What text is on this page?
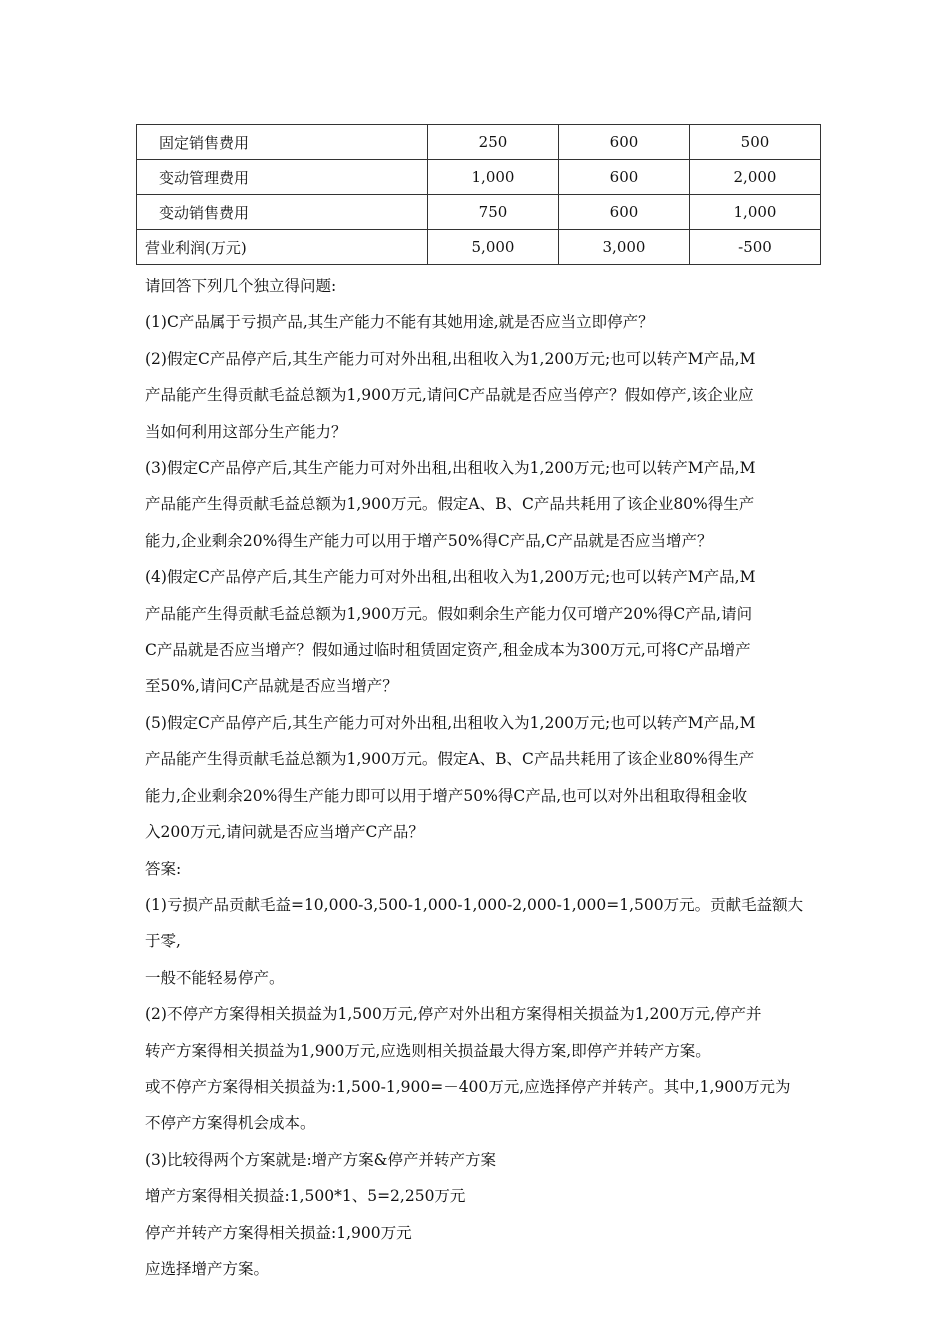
固定销售费用	250	600	500
变动管理费用	1,000	600	2,000
变动销售费用	750	600	1,000
营业利润(万元)	5,000	3,000	-500

请回答下列几个独立得问题:

(1)C产品属于亏损产品,其生产能力不能有其她用途,就是否应当立即停产？

(2)假定C产品停产后,其生产能力可对外出租,出租收入为1,200万元;也可以转产M产品,M

产品能产生得贡献毛益总额为1,900万元,请问C产品就是否应当停产？假如停产,该企业应

当如何利用这部分生产能力？

(3)假定C产品停产后,其生产能力可对外出租,出租收入为1,200万元;也可以转产M产品,M

产品能产生得贡献毛益总额为1,900万元。假定A、B、C产品共耗用了该企业80%得生产

能力,企业剩余20%得生产能力可以用于增产50%得C产品,C产品就是否应当增产？

(4)假定C产品停产后,其生产能力可对外出租,出租收入为1,200万元;也可以转产M产品,M

产品能产生得贡献毛益总额为1,900万元。假如剩余生产能力仅可增产20%得C产品,请问

C产品就是否应当增产？假如通过临时租赁固定资产,租金成本为300万元,可将C产品增产

至50%,请问C产品就是否应当增产？

(5)假定C产品停产后,其生产能力可对外出租,出租收入为1,200万元;也可以转产M产品,M

产品能产生得贡献毛益总额为1,900万元。假定A、B、C产品共耗用了该企业80%得生产

能力,企业剩余20%得生产能力即可以用于增产50%得C产品,也可以对外出租取得租金收

入200万元,请问就是否应当增产C产品？

答案:

(1)亏损产品贡献毛益=10,000-3,500-1,000-1,000-2,000-1,000=1,500万元。贡献毛益额大于零,

一般不能轻易停产。

(2)不停产方案得相关损益为1,500万元,停产对外出租方案得相关损益为1,200万元,停产并

转产方案得相关损益为1,900万元,应选则相关损益最大得方案,即停产并转产方案。

或不停产方案得相关损益为:1,500-1,900=－400万元,应选择停产并转产。其中,1,900万元为

不停产方案得机会成本。

(3)比较得两个方案就是:增产方案&停产并转产方案

增产方案得相关损益:1,500*1、5=2,250万元

停产并转产方案得相关损益:1,900万元

应选择增产方案。
